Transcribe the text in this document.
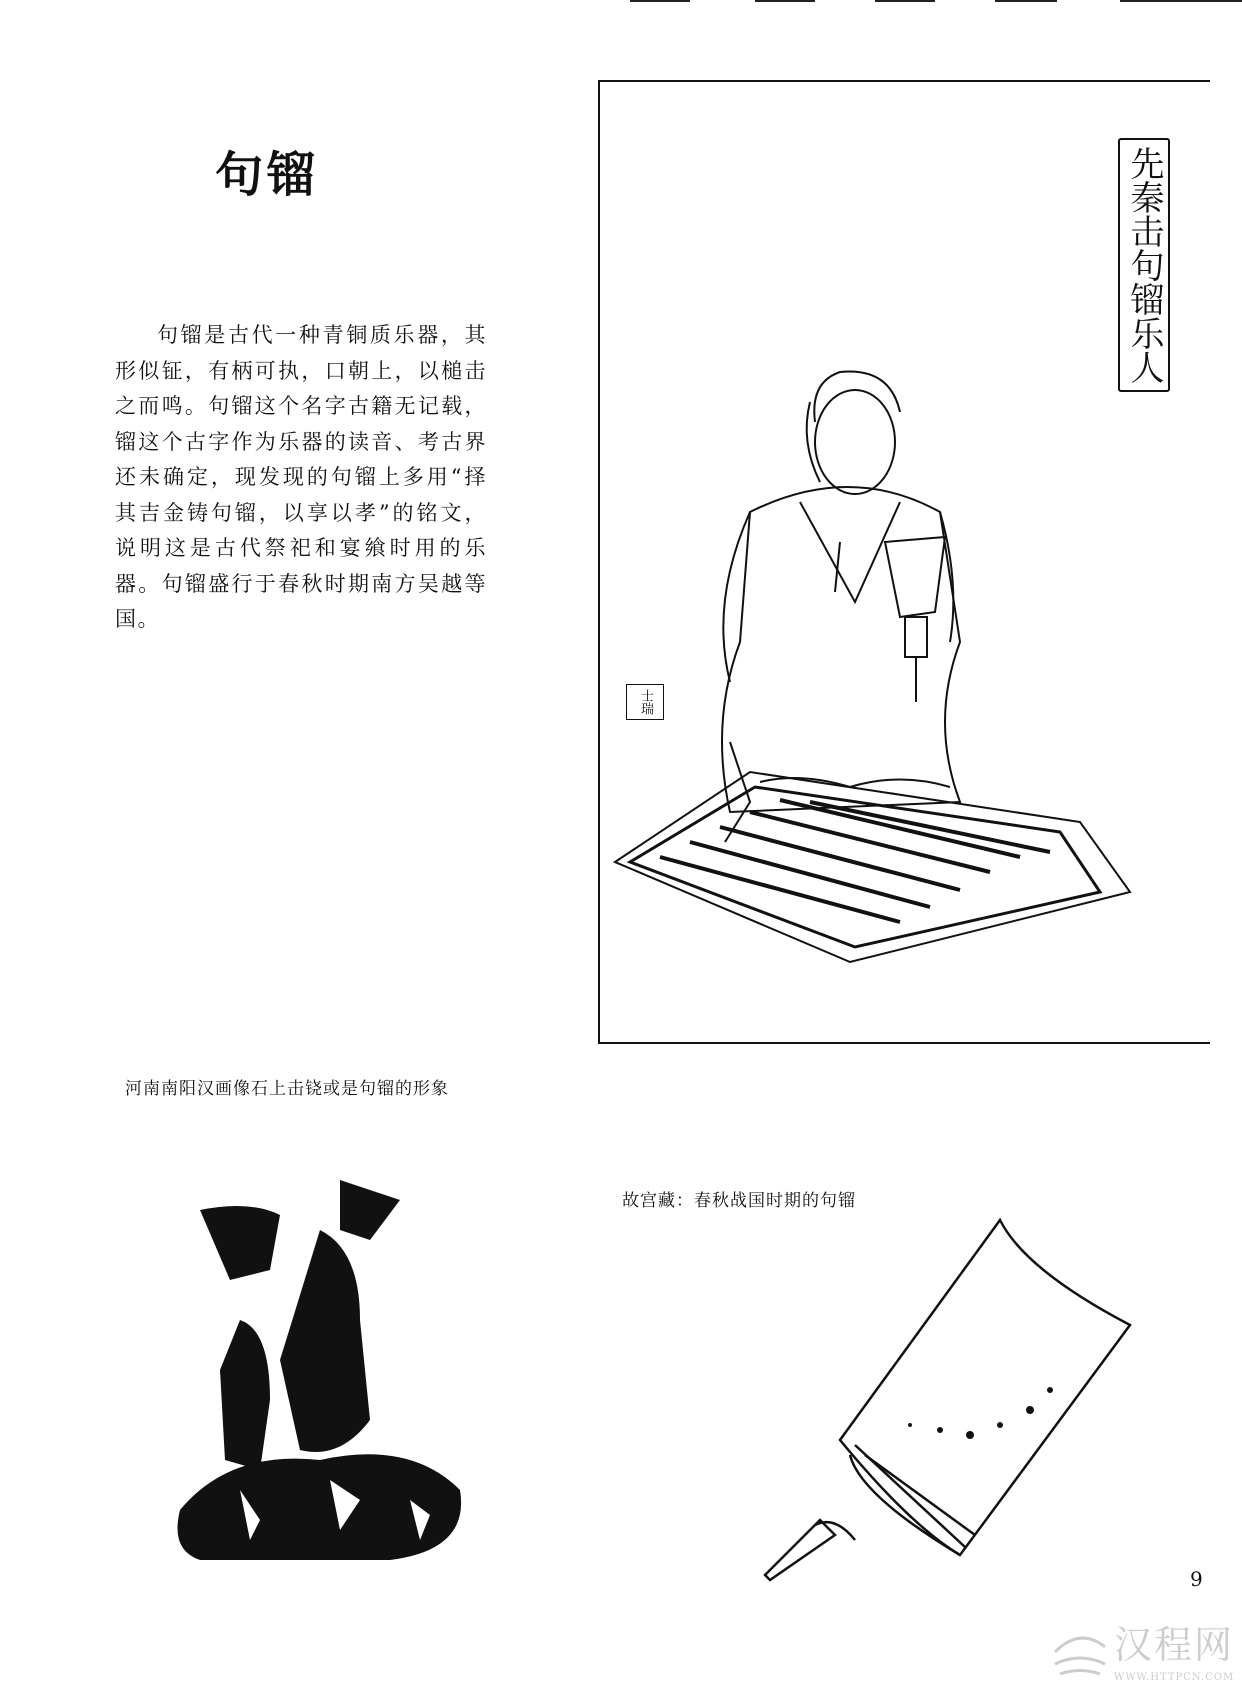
句镏
句镏是古代一种青铜质乐器，其形似钲，有柄可执，口朝上，以槌击之而鸣。句镏这个名字古籍无记载，镏这个古字作为乐器的读音、考古界还未确定，现发现的句镏上多用“择其吉金铸句镏，以享以孝”的铭文，说明这是古代祭祀和宴飨时用的乐器。句镏盛行于春秋时期南方吴越等国。
先秦击句镏乐人
士瑞
河南南阳汉画像石上击铙或是句镏的形象
故宫藏：春秋战国时期的句镏
9
汉程网
WWW.HTTPCN.COM
